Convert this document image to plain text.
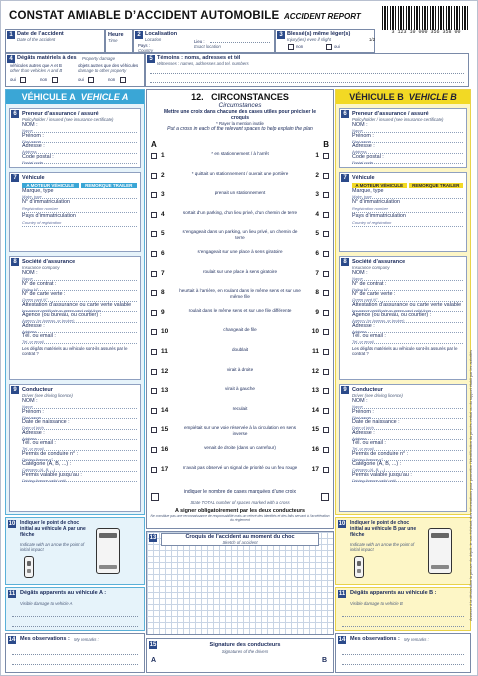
CONSTAT AMIABLE D’ACCIDENT AUTOMOBILE ACCIDENT REPORT
3 123 10 000 356 358 00
1 Date de l’accident
Date of the accident
Heure
Time
2 Localisation
Location
Pays :
Country
Lieu :
Exact location
3 Blessé(s) même léger(s)
Injury(ies) even if slight
non	oui
1/2
4 Dégâts matériels à des Property damage
véhicules autres que A et B
other than vehicles A and B
objets autres que des véhicules
damage to other property
oui	non	oui	non
5 Témoins : noms, adresses et tél
Witnesses : names, addresses and tel. numbers
VÉHICULE A VEHICLE A
6 Preneur d’assurance / assuré
Policyholder / insured (see insurance certificate)
NOM :
Name
Prénom :
First name
Adresse :
Address
Code postal :
Postal code
7 Véhicule
A MOTEUR VÉHICULE	REMORQUE TRAILER
Marque, type
Make, type
N° d’immatriculation
Registration number
Pays d’immatriculation
Country of registration
8 Société d’assurance
Insurance company
NOM :
Name
N° de contrat :
Policy N°
N° de carte verte :
Green card N°
Attestation d’assurance ou carte verte valable
Insurance certificate or green card valid from
Agence (ou bureau, ou courtier) :
Agency (or bureau, or broker)
Adresse :
Address
Tél. ou email :
Tel. or email
Les dégâts matériels au véhicule sont-ils assurés par le contrat ?
9 Conducteur
Driver (see driving licence)
NOM :
Name
Prénom :
First name
Date de naissance :
Date of birth
Adresse :
Address
Tél. ou email :
Tel. or email
Permis de conduire n° :
Driving licence n°
Catégorie (A, B, ...) :
Category (A, B, ...)
Permis valable jusqu’au :
Driving licence valid until
10 Indiquer le point de choc initial au véhicule A par une flèche
Indicate with an arrow the point of initial impact
11 Dégâts apparents au véhicule A :
Visible damage to vehicle A
14 Mes observations : My remarks :
12. CIRCONSTANCES
Circumstances
Mettre une croix dans chacune des cases utiles pour préciser le croquis
* Rayer la mention inutile
Put a cross in each of the relevant spaces to help explain the plan
A	B
1	* en stationnement / à l’arrêt	1
2	* quittait un stationnement / ouvrait une portière	2
3	prenait un stationnement	3
4	sortait d’un parking, d’un lieu privé, d’un chemin de terre	4
5	s’engageait dans un parking, un lieu privé, un chemin de terre	5
6	s’engageait sur une place à sens giratoire	6
7	roulait sur une place à sens giratoire	7
8	heurtait à l’arrière, en roulant dans le même sens et sur une même file	8
9	roulait dans le même sens et sur une file différente	9
10	changeait de file	10
11	doublait	11
12	virait à droite	12
13	virait à gauche	13
14	reculait	14
15	empiétait sur une voie réservée à la circulation en sens inverse	15
16	venait de droite (dans un carrefour)	16
17	n’avait pas observé un signal de priorité ou un feu rouge	17
indiquer le nombre de cases marquées d’une croix
State TOTAL number of spaces marked with a cross
A signer obligatoirement par les deux conducteurs
Ne constitue pas une reconnaissance de responsabilité mais un relevé des identités et des faits servant à l’accélération du règlement
13	Croquis de l’accident au moment du choc
Sketch of accident
15	Signature des conducteurs
Signatures of the drivers
A	B
VÉHICULE B VEHICLE B
6 Preneur d’assurance / assuré
Policyholder / insured (see insurance certificate)
NOM :
Name
Prénom :
First name
Adresse :
Address
Code postal :
Postal code
7 Véhicule
A MOTEUR VÉHICULE	REMORQUE TRAILER
Marque, type
Make, type
N° d’immatriculation
Registration number
Pays d’immatriculation
Country of registration
8 Société d’assurance
Insurance company
NOM :
Name
N° de contrat :
Policy N°
N° de carte verte :
Green card N°
Attestation d’assurance ou carte verte valable
Insurance certificate or green card valid from
Agence (ou bureau, ou courtier) :
Agency (or bureau, or broker)
Adresse :
Address
Tél. ou email :
Tel. or email
Les dégâts matériels au véhicule sont-ils assurés par le contrat ?
9 Conducteur
Driver (see driving licence)
NOM :
Name
Prénom :
First name
Date de naissance :
Date of birth
Adresse :
Address
Tél. ou email :
Tel. or email
Permis de conduire n° :
Driving licence n°
Catégorie (A, B, ...) :
Category (A, B, ...)
Permis valable jusqu’au :
Driving licence valid until
10 Indiquer le point de choc initial au véhicule B par une flèche
Indicate with an arrow the point of initial impact
11 Dégâts apparents au véhicule B :
Visible damage to vehicle B
14 Mes observations : My remarks :
Annexer à la déclaration la preuve du dépôt, le cas échéant, des informations pour permettre l’identification du procès-verbal ou du rapport établi par les autorités
